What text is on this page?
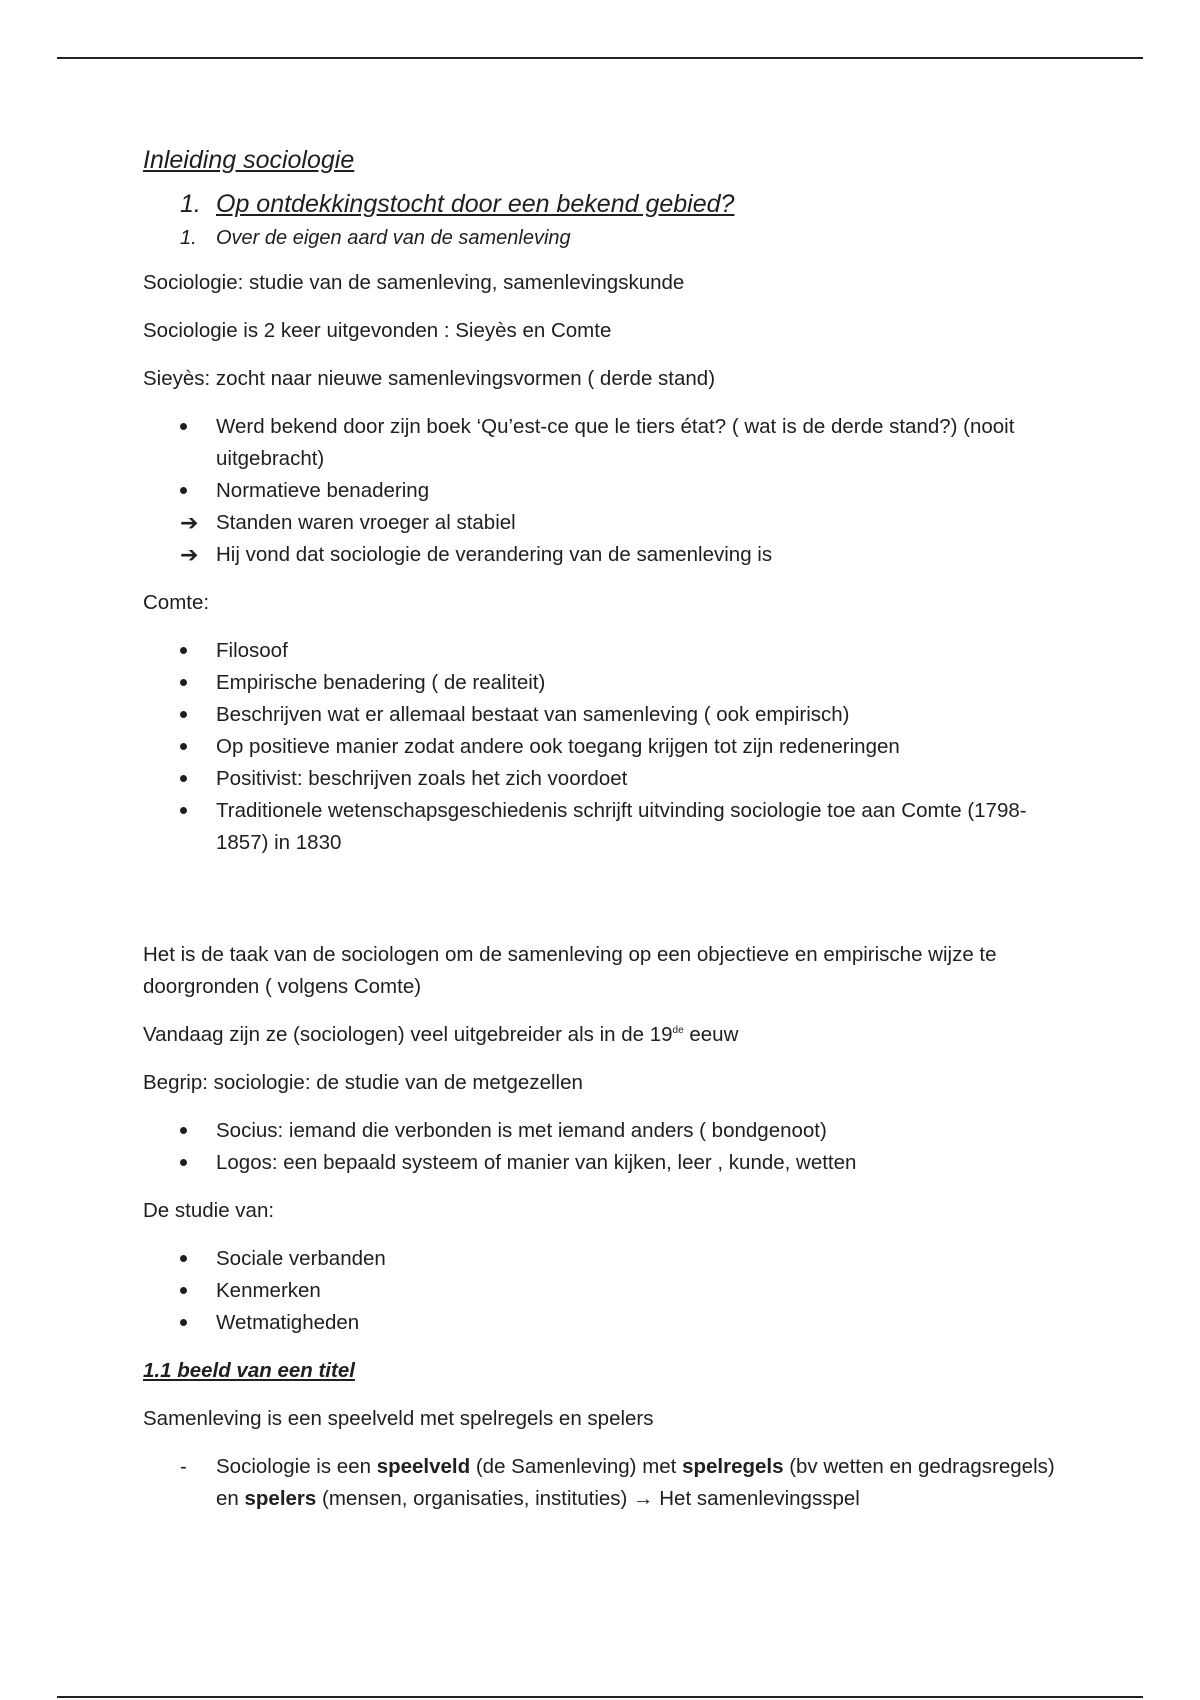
Inleiding sociologie
1. Op ontdekkingstocht door een bekend gebied?
1. Over de eigen aard van de samenleving

Sociologie: studie van de samenleving, samenlevingskunde

Sociologie is 2 keer uitgevonden : Sieyès en Comte

Sieyès: zocht naar nieuwe samenlevingsvormen ( derde stand)

Werd bekend door zijn boek ‘Qu’est-ce que le tiers état? ( wat is de derde stand?) (nooit uitgebracht)
Normatieve benadering
➔ Standen waren vroeger al stabiel
➔ Hij vond dat sociologie de verandering van de samenleving is

Comte:

Filosoof
Empirische benadering ( de realiteit)
Beschrijven wat er allemaal bestaat van samenleving ( ook empirisch)
Op positieve manier zodat andere ook toegang krijgen tot zijn redeneringen
Positivist: beschrijven zoals het zich voordoet
Traditionele wetenschapsgeschiedenis schrijft uitvinding sociologie toe aan Comte (1798-1857) in 1830

Het is de taak van de sociologen om de samenleving op een objectieve en empirische wijze te doorgronden ( volgens Comte)

Vandaag zijn ze (sociologen) veel uitgebreider als in de 19de eeuw

Begrip: sociologie: de studie van de metgezellen

Socius: iemand die verbonden is met iemand anders ( bondgenoot)
Logos: een bepaald systeem of manier van kijken, leer , kunde, wetten

De studie van:

Sociale verbanden
Kenmerken
Wetmatigheden
1.1 beeld van een titel

Samenleving is een speelveld met spelregels en spelers

- Sociologie is een speelveld (de Samenleving) met spelregels (bv wetten en gedragsregels) en spelers (mensen, organisaties, instituties) → Het samenlevingsspel
